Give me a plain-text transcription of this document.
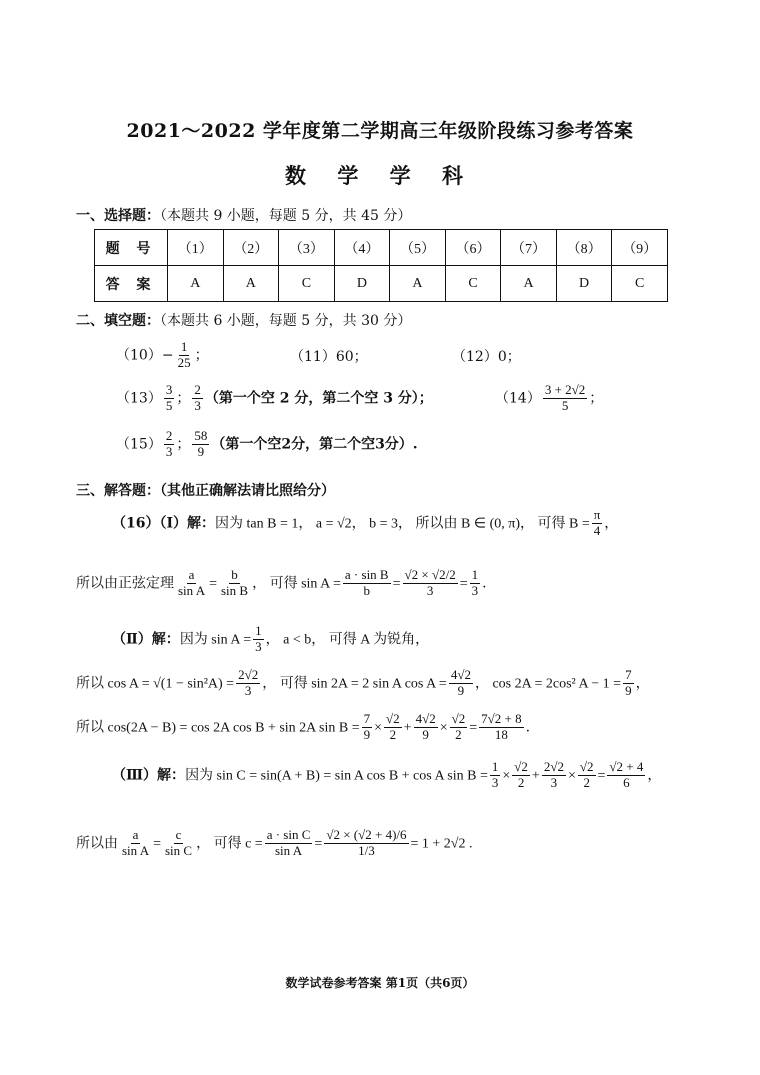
2021～2022 学年度第二学期高三年级阶段练习参考答案
数 学 学 科
一、选择题：（本题共 9 小题，每题 5 分，共 45 分）
题 号	（1）	（2）	（3）	（4）	（5）	（6）	（7）	（8）	（9）
答 案	A	A	C	D	A	C	A	D	C
二、填空题：（本题共 6 小题，每题 5 分，共 30 分）
$(10)- \frac{1}{25}$ ；	（11）60；	（12）0；
$(13) \frac{3}{5}$ ； $\frac{2}{3}$ （第一个空 2 分，第二个空 3 分）；	$(14) \frac{3 + 2√2}{5}$ ；
$(15) \frac{2}{3}$ ； $\frac{58}{9}$ （第一个空2分，第二个空3分）.
三、解答题：（其他正确解法请比照给分）
（16）（Ⅰ）解：因为 tan B = 1， a = √2， b = 3， 所以由 B ∈ (0, π)， 可得 $B = \frac{\pi}{4}$ ，
所以由正弦定理 $\frac{a}{\text{sin A}} = \frac{b}{\text{sin B}}$ ， 可得 $\sin A = \frac{\text{a · sin B}}{b} = \frac{√2 \times √2/2}{3} = \frac{1}{3}$ .
（Ⅱ）解：因为 $\sin A = \frac{1}{3}$ ， a < b， 可得 A 为锐角，
所以 $\cos A = √(1 - \sin^2A) = \frac{2√2}{3}$ ， 可得 sin 2A = 2 sin A $\cos A = \frac{4√2}{9}$ ， cos 2A = 2cos² $A - 1 = \frac{7}{9}$ ，
所以 cos(2A − B) = cos 2A cos B + sin 2A $\sin B = \frac{7}{9} \times \frac{√2}{2} + \frac{4√2}{9} \times \frac{√2}{2} = \frac{7√2 + 8}{18}$ .
（Ⅲ）解：因为 sin C = sin(A + B) = sin A cos B + cos A $\sin B = \frac{1}{3} \times \frac{√2}{2} + \frac{2√2}{3} \times \frac{√2}{2} = \frac{√2 + 4}{6}$ ，
所以由 $\frac{a}{\text{sin A}} = \frac{c}{\text{sin C}}$ ， 可得 $c = \frac{\text{a · sin C}}{\text{sin A}} = \frac{√2 \times (√2 + 4)/6}{1/3} = 1 + 2√2$ .
数学试卷参考答案 第1页（共6页）
